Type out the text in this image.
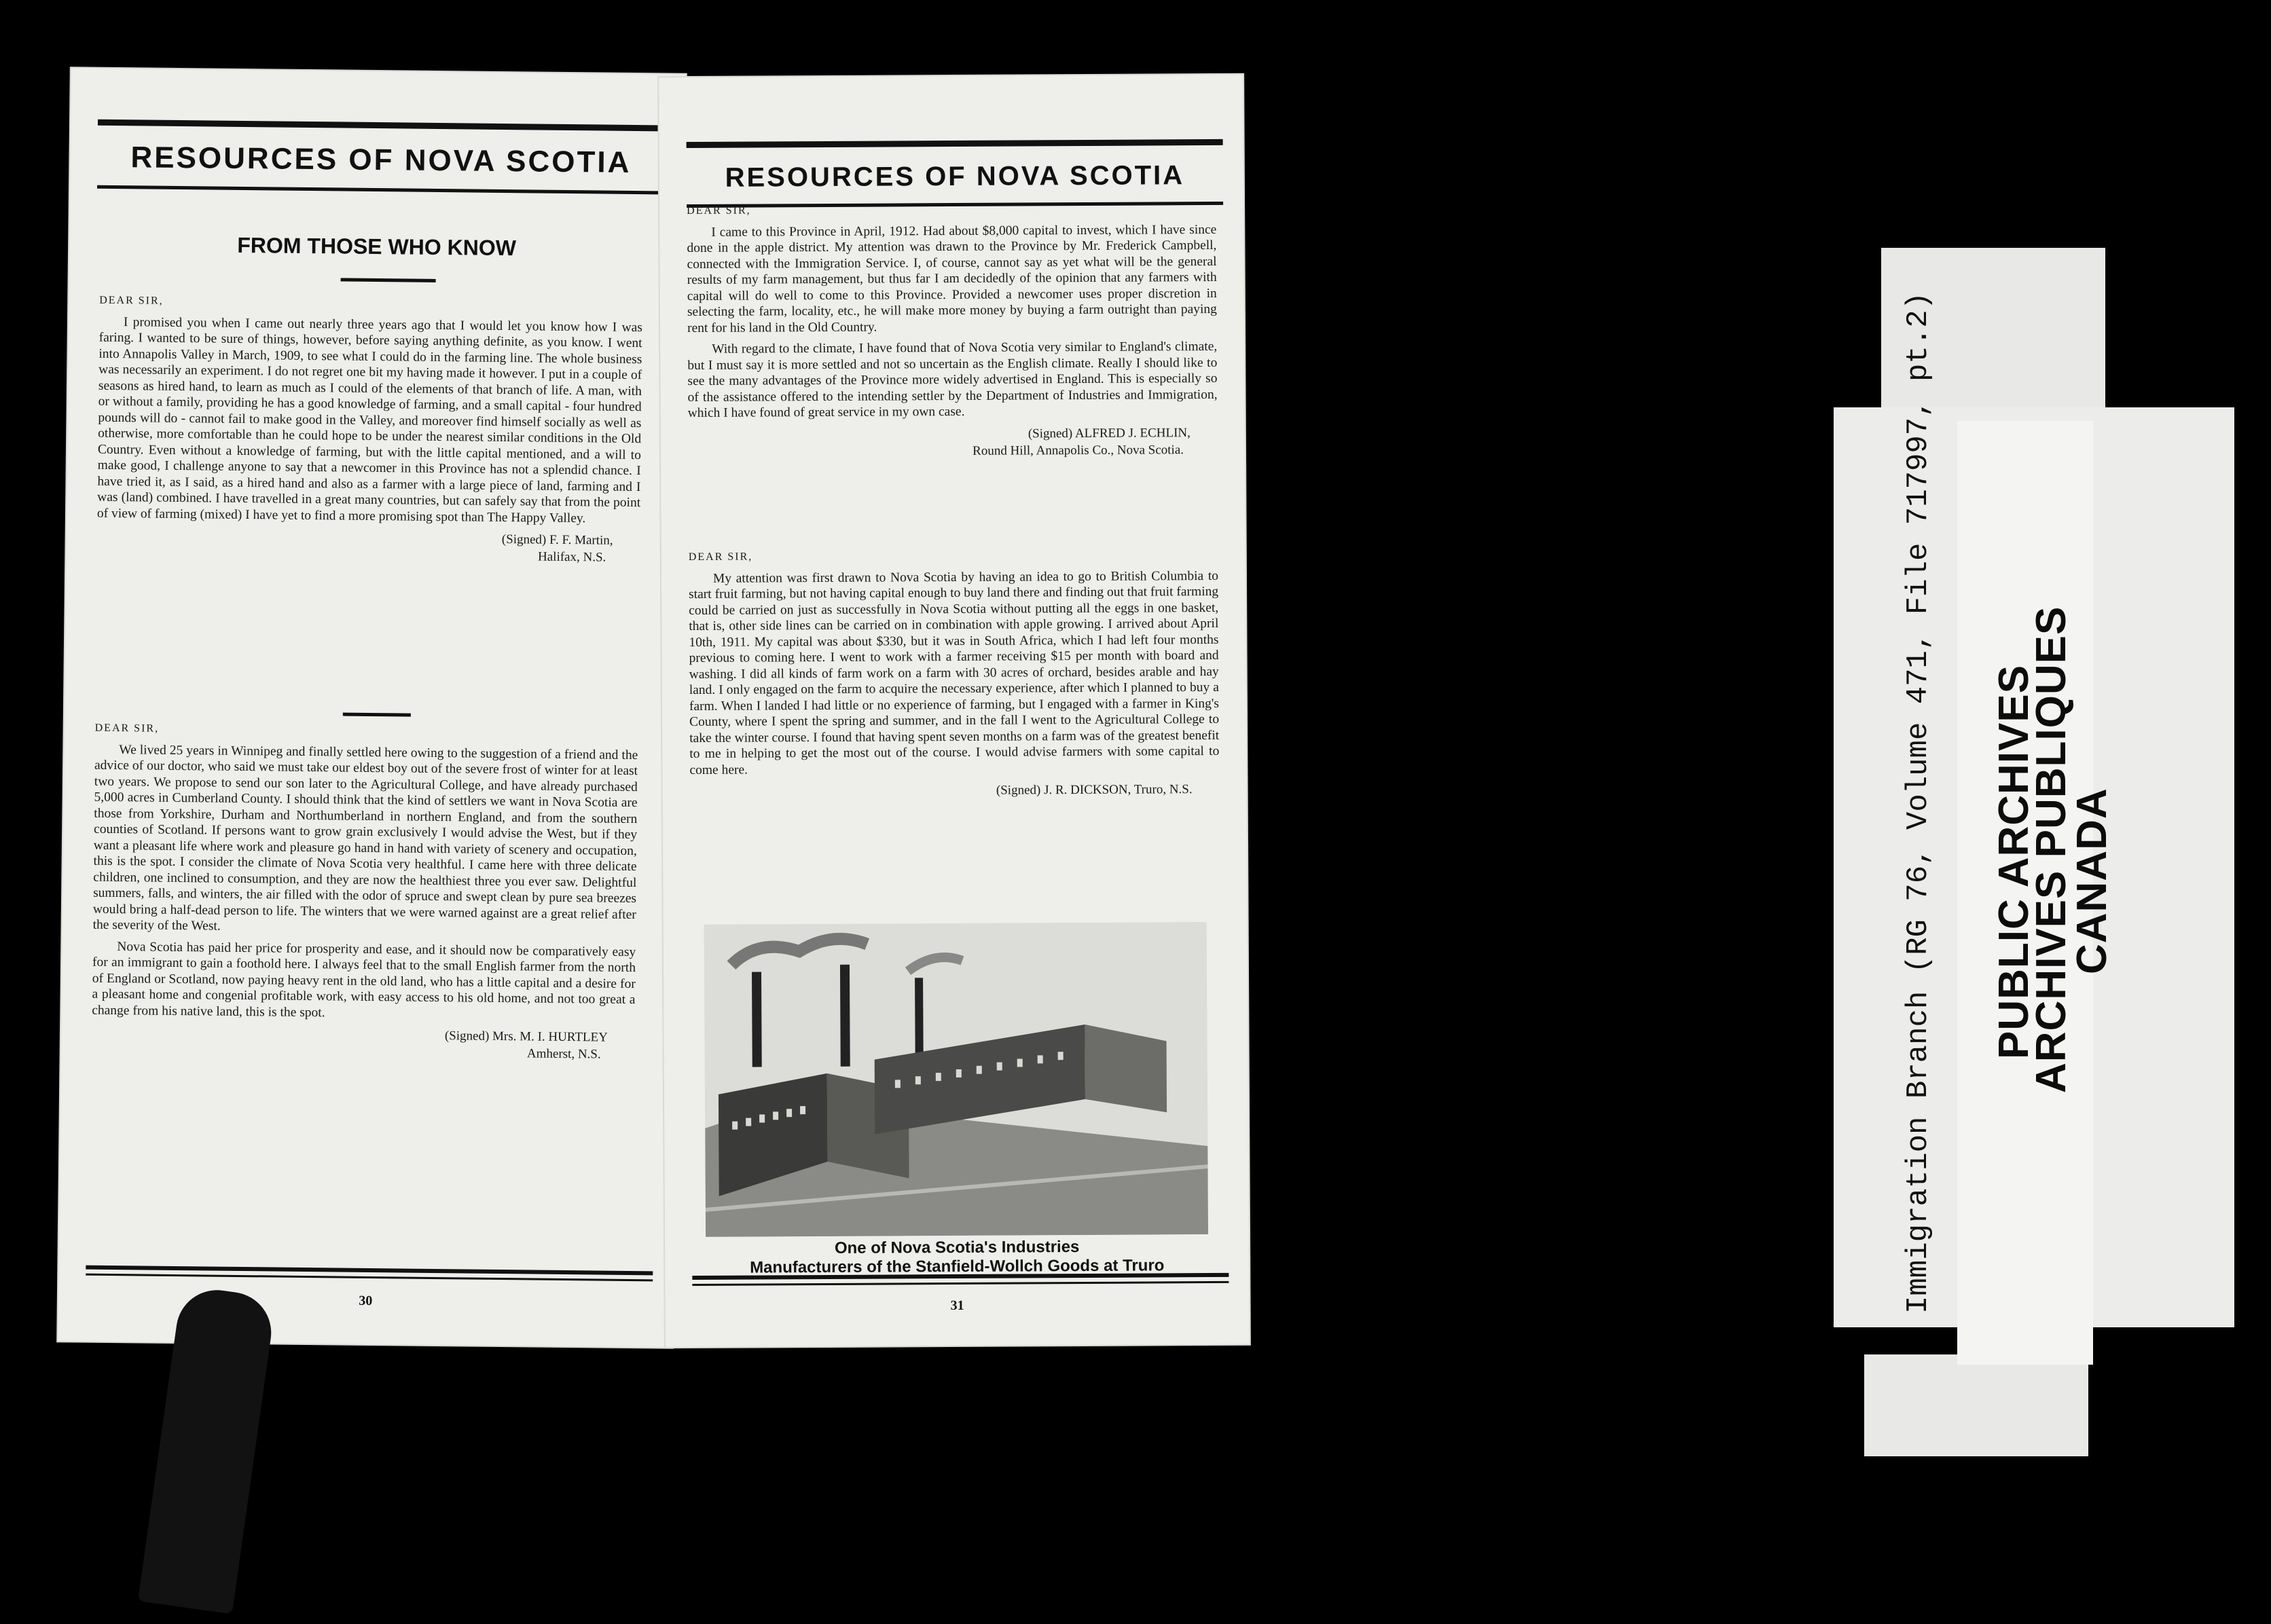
RESOURCES OF NOVA SCOTIA
FROM THOSE WHO KNOW
DEAR SIR,

I promised you when I came out nearly three years ago that I would let you know how I was faring. I wanted to be sure of things, however, before saying anything definite, as you know. I went into Annapolis Valley in March, 1909, to see what I could do in the farming line. The whole business was necessarily an experiment. I do not regret one bit my having made it however. I put in a couple of seasons as hired hand, to learn as much as I could of the elements of that branch of life. A man, with or without a family, providing he has a good knowledge of farming, and a small capital - four hundred pounds will do - cannot fail to make good in the Valley, and moreover find himself socially as well as otherwise, more comfortable than he could hope to be under the nearest similar conditions in the Old Country. Even without a knowledge of farming, but with the little capital mentioned, and a will to make good, I challenge anyone to say that a newcomer in this Province has not a splendid chance. I have tried it, as I said, as a hired hand and also as a farmer with a large piece of land, farming and I was (land) combined. I have travelled in a great many countries, but can safely say that from the point of view of farming (mixed) I have yet to find a more promising spot than The Happy Valley.

(Signed) F. F. Martin,
Halifax, N.S.
DEAR SIR,

We lived 25 years in Winnipeg and finally settled here owing to the suggestion of a friend and the advice of our doctor, who said we must take our eldest boy out of the severe frost of winter for at least two years. We propose to send our son later to the Agricultural College, and have already purchased 5,000 acres in Cumberland County. I should think that the kind of settlers we want in Nova Scotia are those from Yorkshire, Durham and Northumberland in northern England, and from the southern counties of Scotland. If persons want to grow grain exclusively I would advise the West, but if they want a pleasant life where work and pleasure go hand in hand with variety of scenery and occupation, this is the spot. I consider the climate of Nova Scotia very healthful. I came here with three delicate children, one inclined to consumption, and they are now the healthiest three you ever saw. Delightful summers, falls, and winters, the air filled with the odor of spruce and swept clean by pure sea breezes would bring a half-dead person to life. The winters that we were warned against are a great relief after the severity of the West.

Nova Scotia has paid her price for prosperity and ease, and it should now be comparatively easy for an immigrant to gain a foothold here. I always feel that to the small English farmer from the north of England or Scotland, now paying heavy rent in the old land, who has a little capital and a desire for a pleasant home and congenial profitable work, with easy access to his old home, and not too great a change from his native land, this is the spot.

(Signed) Mrs. M. I. HURTLEY
Amherst, N.S.
30
RESOURCES OF NOVA SCOTIA
DEAR SIR,

I came to this Province in April, 1912. Had about $8,000 capital to invest, which I have since done in the apple district. My attention was drawn to the Province by Mr. Frederick Campbell, connected with the Immigration Service. I, of course, cannot say as yet what will be the general results of my farm management, but thus far I am decidedly of the opinion that any farmers with capital will do well to come to this Province. Provided a newcomer uses proper discretion in selecting the farm, locality, etc., he will make more money by buying a farm outright than paying rent for his land in the Old Country.

With regard to the climate, I have found that of Nova Scotia very similar to England's climate, but I must say it is more settled and not so uncertain as the English climate. Really I should like to see the many advantages of the Province more widely advertised in England. This is especially so of the assistance offered to the intending settler by the Department of Industries and Immigration, which I have found of great service in my own case.

(Signed) ALFRED J. ECHLIN,
Round Hill, Annapolis Co., Nova Scotia.
DEAR SIR,

My attention was first drawn to Nova Scotia by having an idea to go to British Columbia to start fruit farming, but not having capital enough to buy land there and finding out that fruit farming could be carried on just as successfully in Nova Scotia without putting all the eggs in one basket, that is, other side lines can be carried on in combination with apple growing. I arrived about April 10th, 1911. My capital was about $330, but it was in South Africa, which I had left four months previous to coming here. I went to work with a farmer receiving $15 per month with board and washing. I did all kinds of farm work on a farm with 30 acres of orchard, besides arable and hay land. I only engaged on the farm to acquire the necessary experience, after which I planned to buy a farm. When I landed I had little or no experience of farming, but I engaged with a farmer in King's County, where I spent the spring and summer, and in the fall I went to the Agricultural College to take the winter course. I found that having spent seven months on a farm was of the greatest benefit to me in helping to get the most out of the course. I would advise farmers with some capital to come here.

(Signed) J. R. DICKSON, Truro, N.S.
One of Nova Scotia's Industries
Manufacturers of the Stanfield-Wollch Goods at Truro
31	Immigration Branch (RG 76, Volume 471, File 717997, pt.2) PUBLIC ARCHIVES
ARCHIVES PUBLIQUES
CANADA
